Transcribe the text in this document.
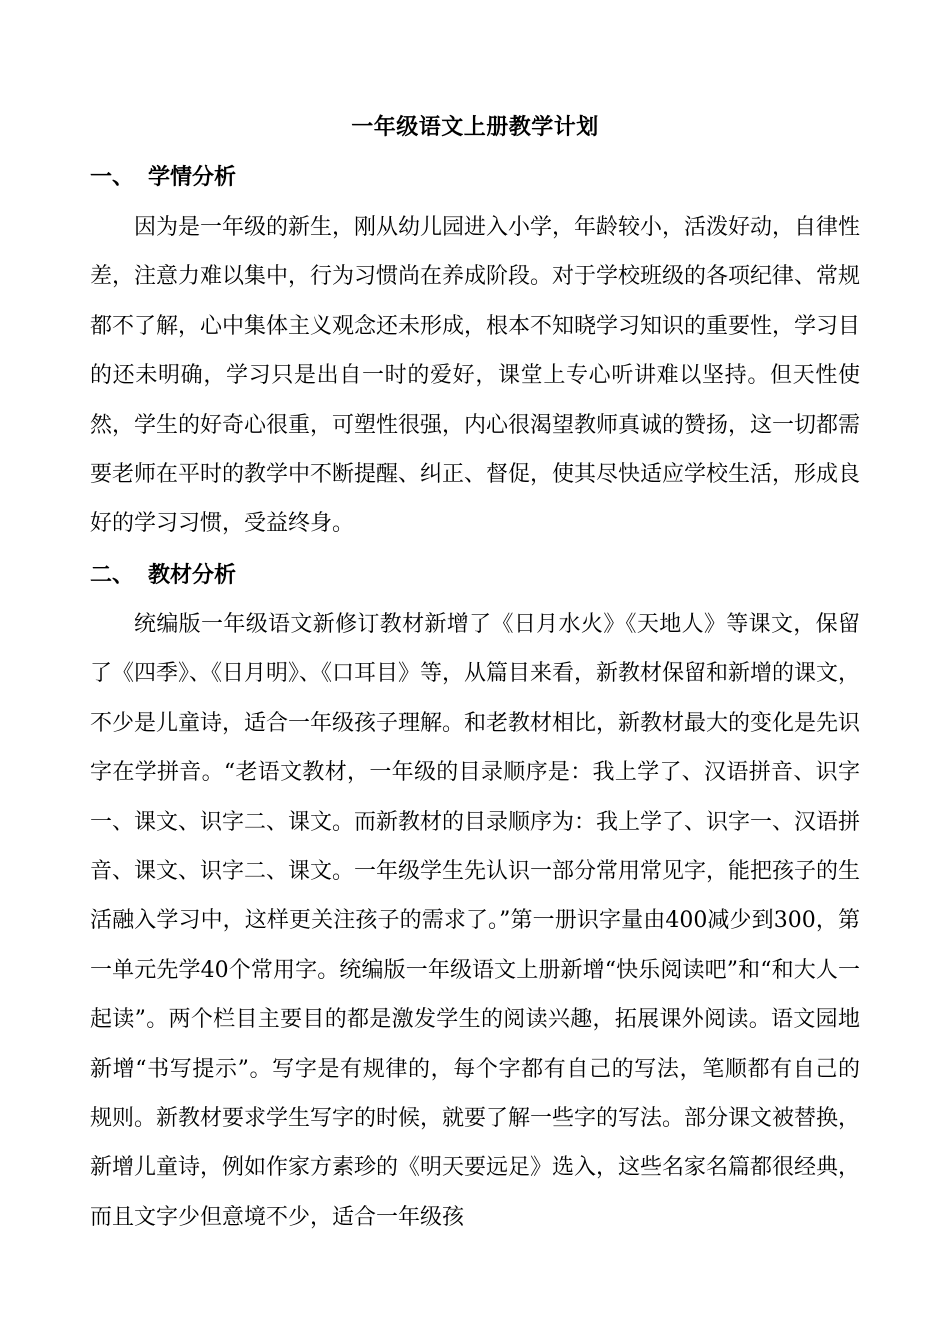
一年级语文上册教学计划
一、 学情分析

因为是一年级的新生，刚从幼儿园进入小学，年龄较小，活泼好动，自律性差，注意力难以集中，行为习惯尚在养成阶段。对于学校班级的各项纪律、常规都不了解，心中集体主义观念还未形成，根本不知晓学习知识的重要性，学习目的还未明确，学习只是出自一时的爱好，课堂上专心听讲难以坚持。但天性使然，学生的好奇心很重，可塑性很强，内心很渴望教师真诚的赞扬，这一切都需要老师在平时的教学中不断提醒、纠正、督促，使其尽快适应学校生活，形成良好的学习习惯，受益终身。

二、 教材分析

统编版一年级语文新修订教材新增了《日月水火》《天地人》等课文，保留了《四季》、《日月明》、《口耳目》等，从篇目来看，新教材保留和新增的课文，不少是儿童诗，适合一年级孩子理解。和老教材相比，新教材最大的变化是先识字在学拼音。“老语文教材，一年级的目录顺序是：我上学了、汉语拼音、识字一、课文、识字二、课文。而新教材的目录顺序为：我上学了、识字一、汉语拼音、课文、识字二、课文。一年级学生先认识一部分常用常见字，能把孩子的生活融入学习中，这样更关注孩子的需求了。”第一册识字量由400减少到300，第一单元先学40个常用字。统编版一年级语文上册新增“快乐阅读吧”和“和大人一起读”。两个栏目主要目的都是激发学生的阅读兴趣，拓展课外阅读。语文园地新增“书写提示”。写字是有规律的，每个字都有自己的写法，笔顺都有自己的规则。新教材要求学生写字的时候，就要了解一些字的写法。部分课文被替换，新增儿童诗，例如作家方素珍的《明天要远足》选入，这些名家名篇都很经典，而且文字少但意境不少，适合一年级孩
